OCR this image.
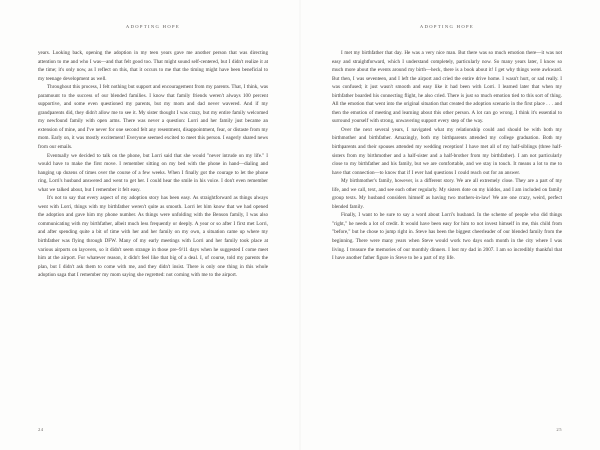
ADOPTING HOPE

years. Looking back, opening the adoption in my teen years gave me another person that was directing attention to me and who I was—and that felt good too. That might sound self-centered, but I didn't realize it at the time; it's only now, as I reflect on this, that it occurs to me that the timing might have been beneficial to my teenage development as well.

Throughout this process, I felt nothing but support and encouragement from my parents. That, I think, was paramount to the success of our blended families. I know that family friends weren't always 100 percent supportive, and some even questioned my parents, but my mom and dad never wavered. And if my grandparents did, they didn't allow me to see it. My sister thought I was crazy, but my entire family welcomed my newfound family with open arms. There was never a question: Lorri and her family just became an extension of mine, and I've never for one second felt any resentment, disappointment, fear, or distaste from my mom. Early on, it was mostly excitement! Everyone seemed excited to meet this person. I eagerly shared news from our emails.

Eventually we decided to talk on the phone, but Lorri said that she would "never intrude on my life." I would have to make the first move. I remember sitting on my bed with the phone in hand—dialing and hanging up dozens of times over the course of a few weeks. When I finally got the courage to let the phone ring, Lorri's husband answered and went to get her. I could hear the smile in his voice. I don't even remember what we talked about, but I remember it felt easy.

It's not to say that every aspect of my adoption story has been easy. As straightforward as things always went with Lorri, things with my birthfather weren't quite as smooth. Lorri let him know that we had opened the adoption and gave him my phone number. As things were unfolding with the Benson family, I was also communicating with my birthfather, albeit much less frequently or deeply. A year or so after I first met Lorri, and after spending quite a bit of time with her and her family on my own, a situation came up where my birthfather was flying through DFW. Many of my early meetings with Lorri and her family took place at various airports on layovers, so it didn't seem strange in those pre–9/11 days when he suggested I come meet him at the airport. For whatever reason, it didn't feel like that big of a deal. I, of course, told my parents the plan, but I didn't ask them to come with me, and they didn't insist. There is only one thing in this whole adoption saga that I remember my mom saying she regretted: not coming with me to the airport.

24
ADOPTING HOPE

I met my birthfather that day. He was a very nice man. But there was so much emotion there—it was not easy and straightforward, which I understand completely, particularly now. So many years later, I know so much more about the events around my birth—heck, there is a book about it! I get why things were awkward. But then, I was seventeen, and I left the airport and cried the entire drive home. I wasn't hurt, or sad really. I was confused; it just wasn't smooth and easy like it had been with Lorri. I learned later that when my birthfather boarded his connecting flight, he also cried. There is just so much emotion tied to this sort of thing. All the emotion that went into the original situation that created the adoption scenario in the first place . . . and then the emotion of meeting and learning about this other person. A lot can go wrong. I think it's essential to surround yourself with strong, unwavering support every step of the way.

Over the next several years, I navigated what my relationship could and should be with both my birthmother and birthfather. Amazingly, both my birthparents attended my college graduation. Both my birthparents and their spouses attended my wedding reception! I have met all of my half-siblings (three half-sisters from my birthmother and a half-sister and a half-brother from my birthfather). I am not particularly close to my birthfather and his family, but we are comfortable, and we stay in touch. It means a lot to me to have that connection—to know that if I ever had questions I could reach out for an answer.

My birthmother's family, however, is a different story. We are all extremely close. They are a part of my life, and we call, text, and see each other regularly. My sisters dote on my kiddos, and I am included on family group texts. My husband considers himself as having two mothers-in-law! We are one crazy, weird, perfect blended family.

Finally, I want to be sure to say a word about Lorri's husband. In the scheme of people who did things "right," he needs a lot of credit. It would have been easy for him to not invest himself in me, this child from "before," but he chose to jump right in. Steve has been the biggest cheerleader of our blended family from the beginning. There were many years when Steve would work two days each month in the city where I was living. I treasure the memories of our monthly dinners. I lost my dad in 2007. I am so incredibly thankful that I have another father figure in Steve to be a part of my life.

25
